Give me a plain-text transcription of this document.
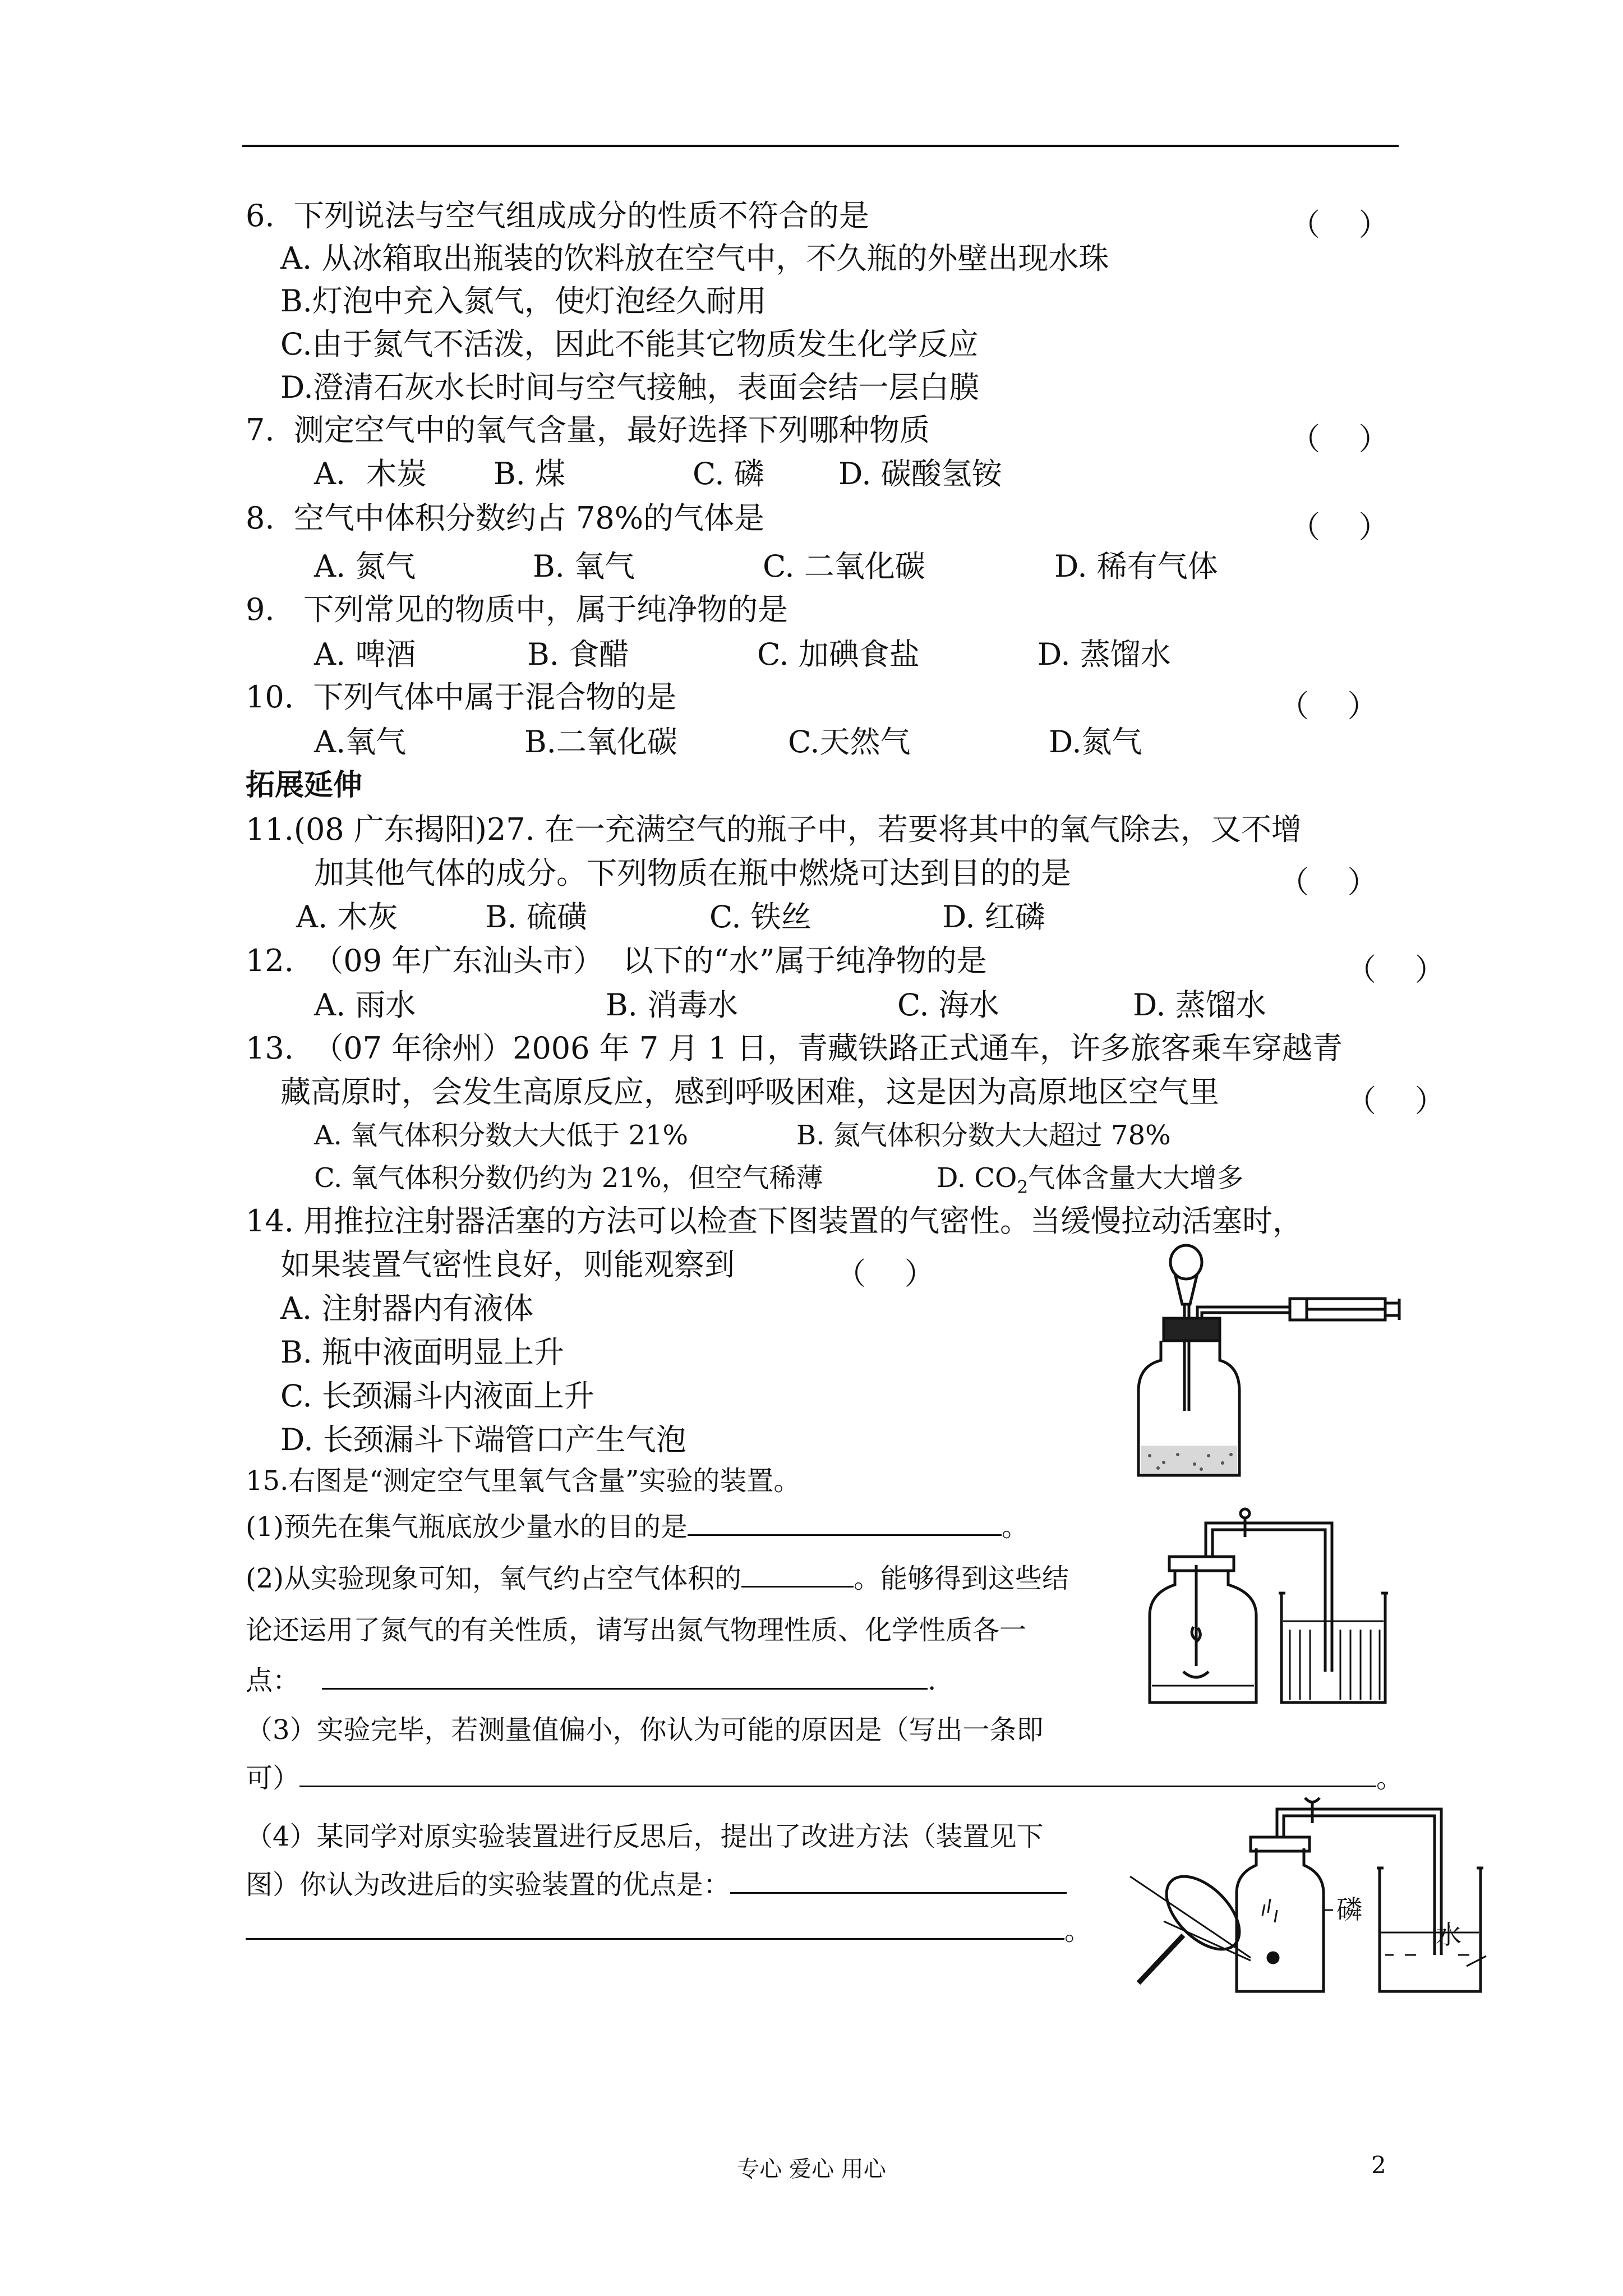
6.  下列说法与空气组成成分的性质不符合的是	（    ）
A. 从冰箱取出瓶装的饮料放在空气中，不久瓶的外壁出现水珠
B.灯泡中充入氮气，使灯泡经久耐用
C.由于氮气不活泼，因此不能其它物质发生化学反应
D.澄清石灰水长时间与空气接触，表面会结一层白膜
7.  测定空气中的氧气含量，最好选择下列哪种物质	（    ）
A．木炭 B. 煤	C. 磷 D. 碳酸氢铵
8.  空气中体积分数约占 78%的气体是	（    ）
A. 氮气	B. 氧气	C. 二氧化碳	D. 稀有气体
9.   下列常见的物质中，属于纯净物的是
A. 啤酒	B. 食醋	C. 加碘食盐	D. 蒸馏水
10.  下列气体中属于混合物的是	（    ）
A.氧气	B.二氧化碳	C.天然气	D.氮气
拓展延伸
11.(08 广东揭阳)27. 在一充满空气的瓶子中，若要将其中的氧气除去，又不增
加其他气体的成分。下列物质在瓶中燃烧可达到目的的是	（    ）
A. 木灰	B. 硫磺	C. 铁丝	D. 红磷
12.  （09 年广东汕头市）  以下的“水”属于纯净物的是	（    ）
A. 雨水	B. 消毒水	C. 海水	D. 蒸馏水
13.  （07 年徐州）2006 年 7 月 1 日，青藏铁路正式通车，许多旅客乘车穿越青
藏高原时，会发生高原反应，感到呼吸困难，这是因为高原地区空气里	（    ）
A. 氧气体积分数大大低于 21%	B. 氮气体积分数大大超过 78%
C. 氧气体积分数仍约为 21%，但空气稀薄	D. $CO_2$气体含量大大增多
14. 用推拉注射器活塞的方法可以检查下图装置的气密性。当缓慢拉动活塞时，
如果装置气密性良好，则能观察到	（    ）
A. 注射器内有液体
B. 瓶中液面明显上升
C. 长颈漏斗内液面上升
D. 长颈漏斗下端管口产生气泡
15.右图是“测定空气里氧气含量”实验的装置。
(1)预先在集气瓶底放少量水的目的是	。
(2)从实验现象可知，氧气约占空气体积的	。能够得到这些结
论还运用了氮气的有关性质，请写出氮气物理性质、化学性质各一
点：	.
（3）实验完毕，若测量值偏小，你认为可能的原因是（写出一条即
可）	。
（4）某同学对原实验装置进行反思后，提出了改进方法（装置见下
图）你认为改进后的实验装置的优点是：
。
磷
水
专心 爱心 用心	2
